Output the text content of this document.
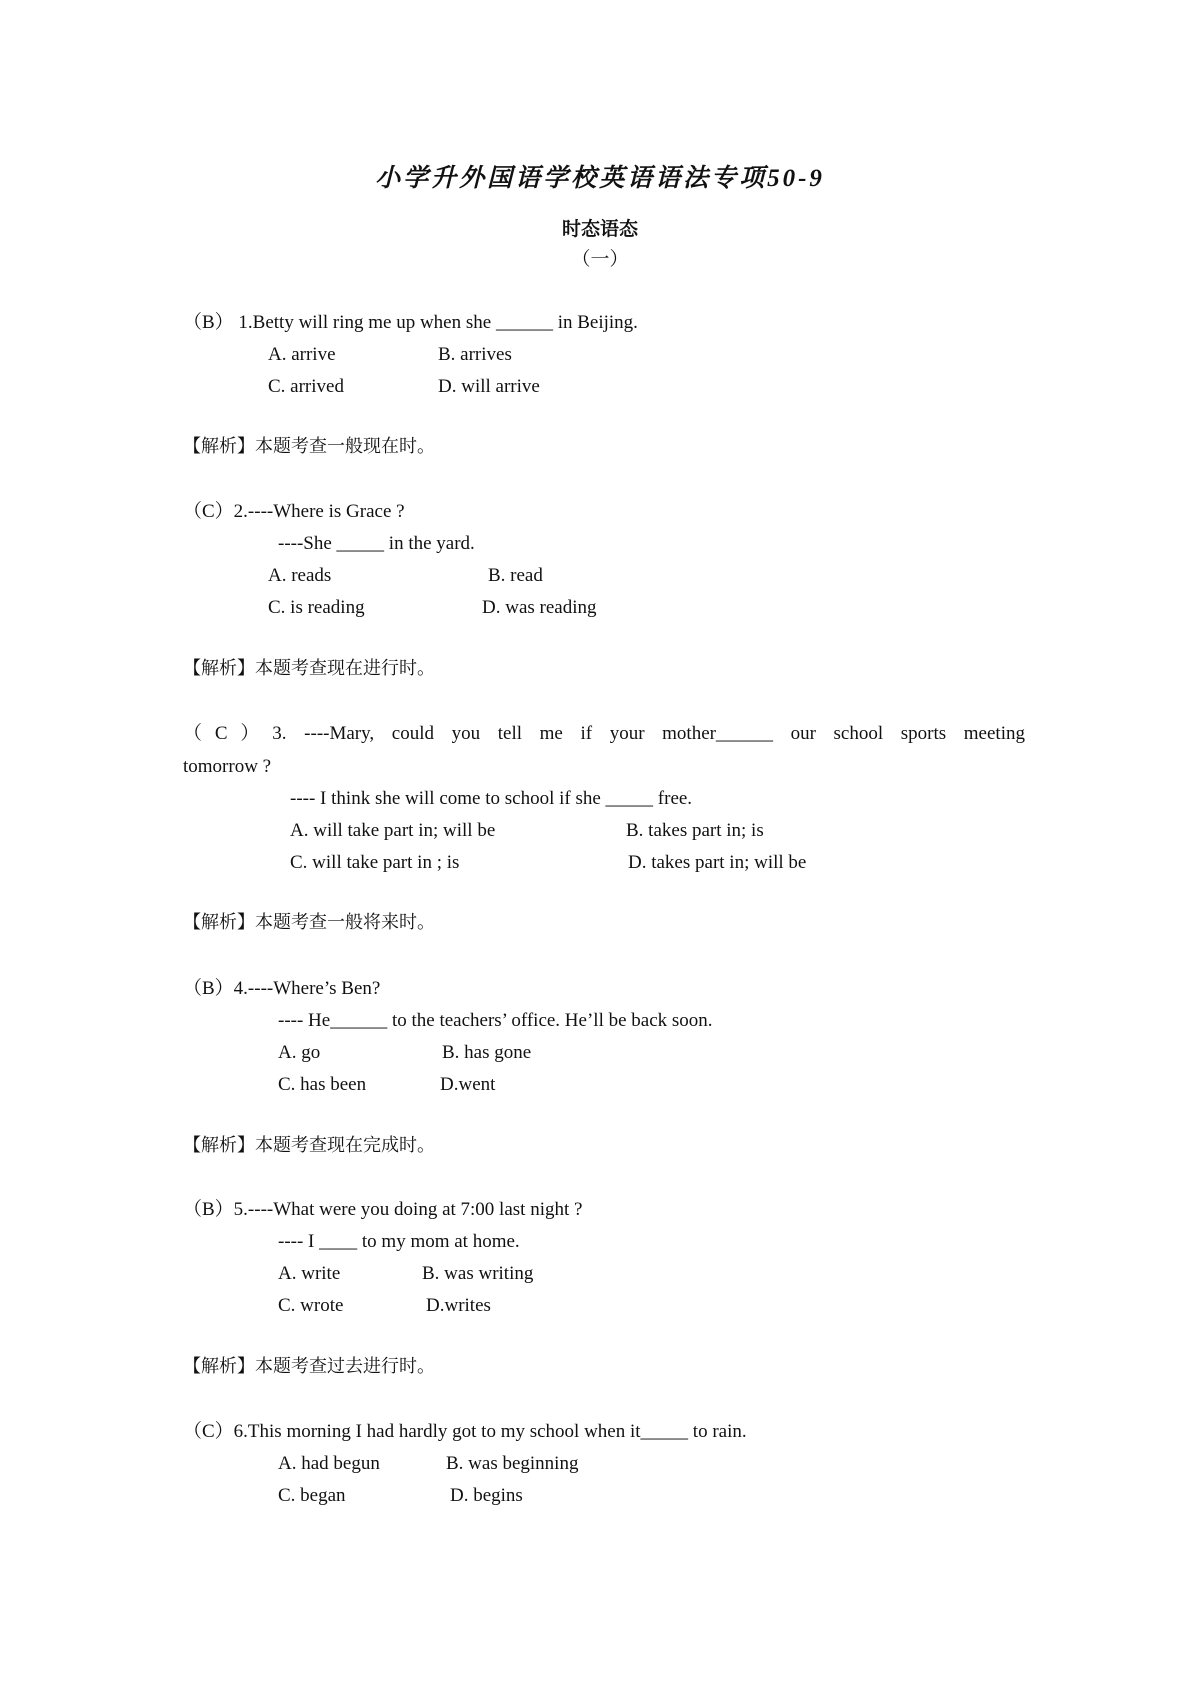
小学升外国语学校英语语法专项50-9
时态语态
（一）
（B） 1.Betty will ring me up when she ______ in Beijing.
A. arrive	B. arrives
C. arrived	D. will arrive
【解析】本题考查一般现在时。
（C）2.----Where is Grace ?
----She _____ in the yard.
A. reads	B. read
C. is reading	D. was reading
【解析】本题考查现在进行时。
（C）3. ----Mary, could you tell me if your mother______ our school sports meeting
tomorrow ?
---- I think she will come to school if she _____ free.
A. will take part in; will be	B. takes part in; is
C. will take part in ; is	D. takes part in; will be
【解析】本题考查一般将来时。
（B）4.----Where’s Ben?
---- He______ to the teachers’ office. He’ll be back soon.
A. go	B. has gone
C. has been	D.went
【解析】本题考查现在完成时。
（B）5.----What were you doing at 7:00 last night ?
---- I ____ to my mom at home.
A. write	B. was writing
C. wrote	D.writes
【解析】本题考查过去进行时。
（C）6.This morning I had hardly got to my school when it_____ to rain.
A. had begun	B. was beginning
C. began	D. begins
